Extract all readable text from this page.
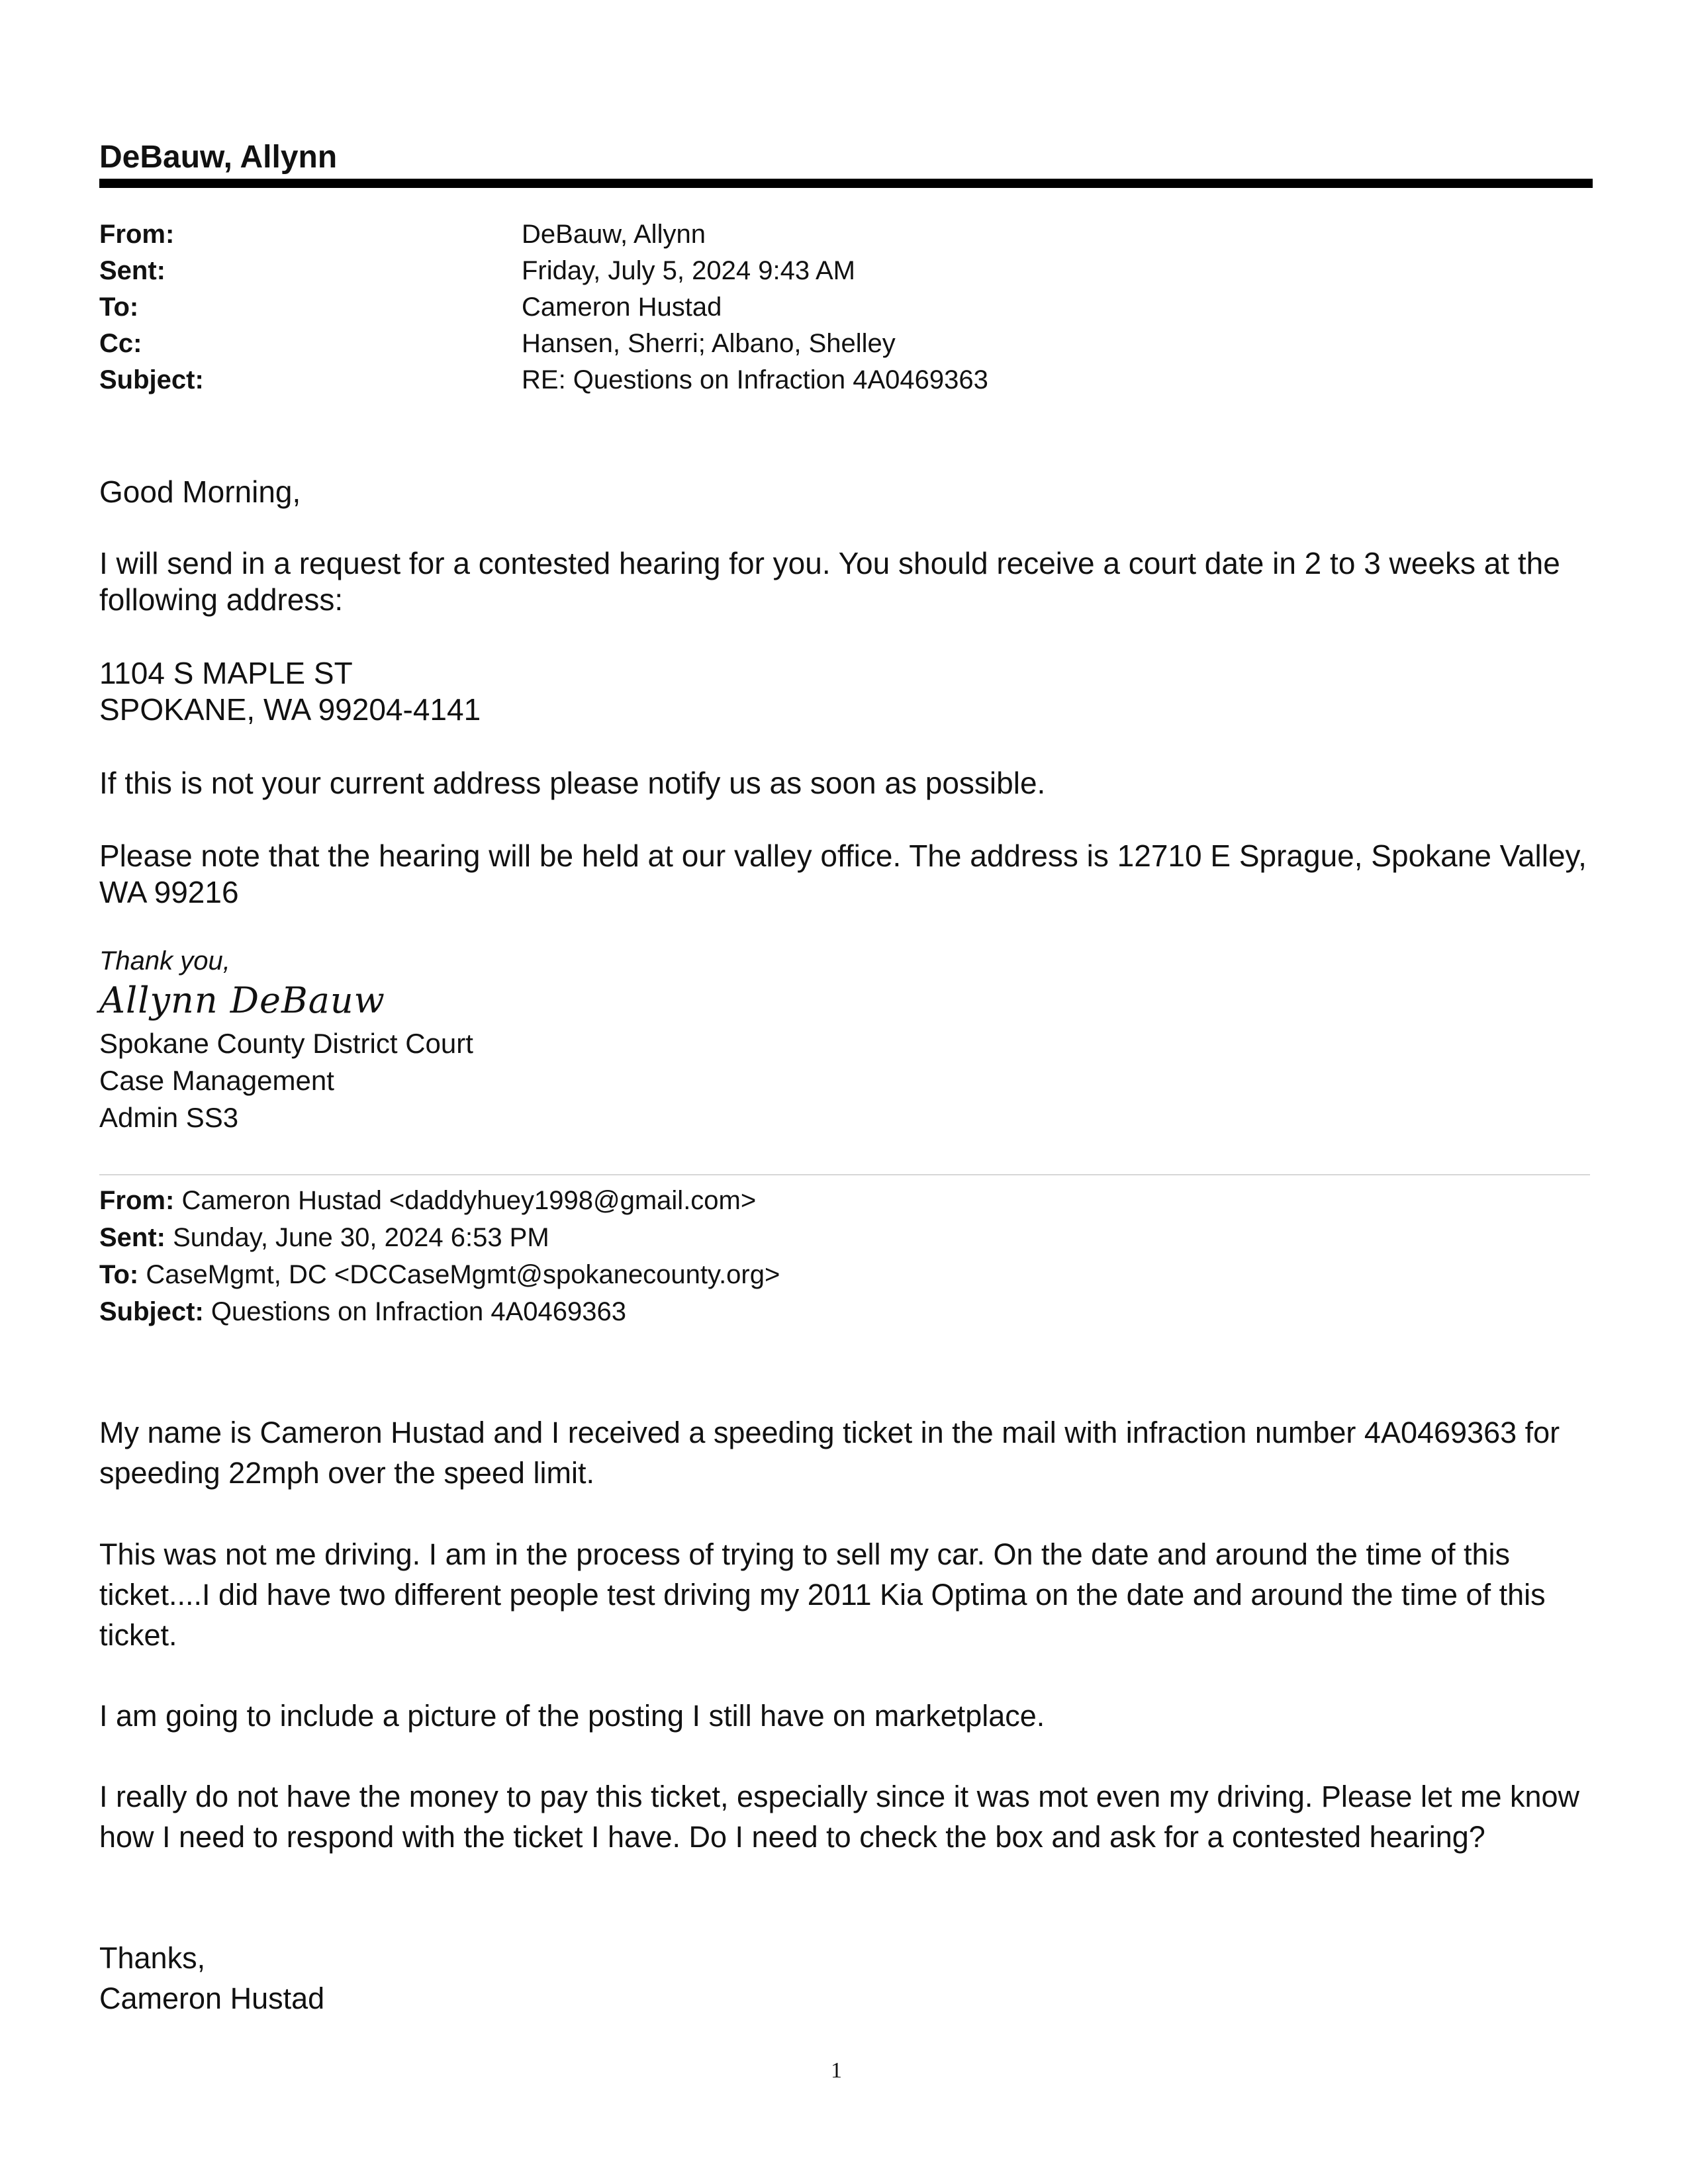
DeBauw, Allynn
From:	DeBauw, Allynn
Sent:	Friday, July 5, 2024 9:43 AM
To:	Cameron Hustad
Cc:	Hansen, Sherri; Albano, Shelley
Subject:	RE: Questions on Infraction 4A0469363
Good Morning,
I will send in a request for a contested hearing for you. You should receive a court date in 2 to 3 weeks at the following address:
1104 S MAPLE ST
SPOKANE, WA 99204-4141
If this is not your current address please notify us as soon as possible.
Please note that the hearing will be held at our valley office. The address is 12710 E Sprague, Spokane Valley, WA 99216
Thank you,
Allynn DeBauw
Spokane County District Court
Case Management
Admin SS3
From: Cameron Hustad <daddyhuey1998@gmail.com>
Sent: Sunday, June 30, 2024 6:53 PM
To: CaseMgmt, DC <DCCaseMgmt@spokanecounty.org>
Subject: Questions on Infraction 4A0469363
My name is Cameron Hustad and I received a speeding ticket in the mail with infraction number 4A0469363 for speeding 22mph over the speed limit.
This was not me driving. I am in the process of trying to sell my car. On the date and around the time of this ticket....I did have two different people test driving my 2011 Kia Optima on the date and around the time of this ticket.
I am going to include a picture of the posting I still have on marketplace.
I really do not have the money to pay this ticket, especially since it was mot even my driving. Please let me know how I need to respond with the ticket I have. Do I need to check the box and ask for a contested hearing?
Thanks,
Cameron Hustad
1
